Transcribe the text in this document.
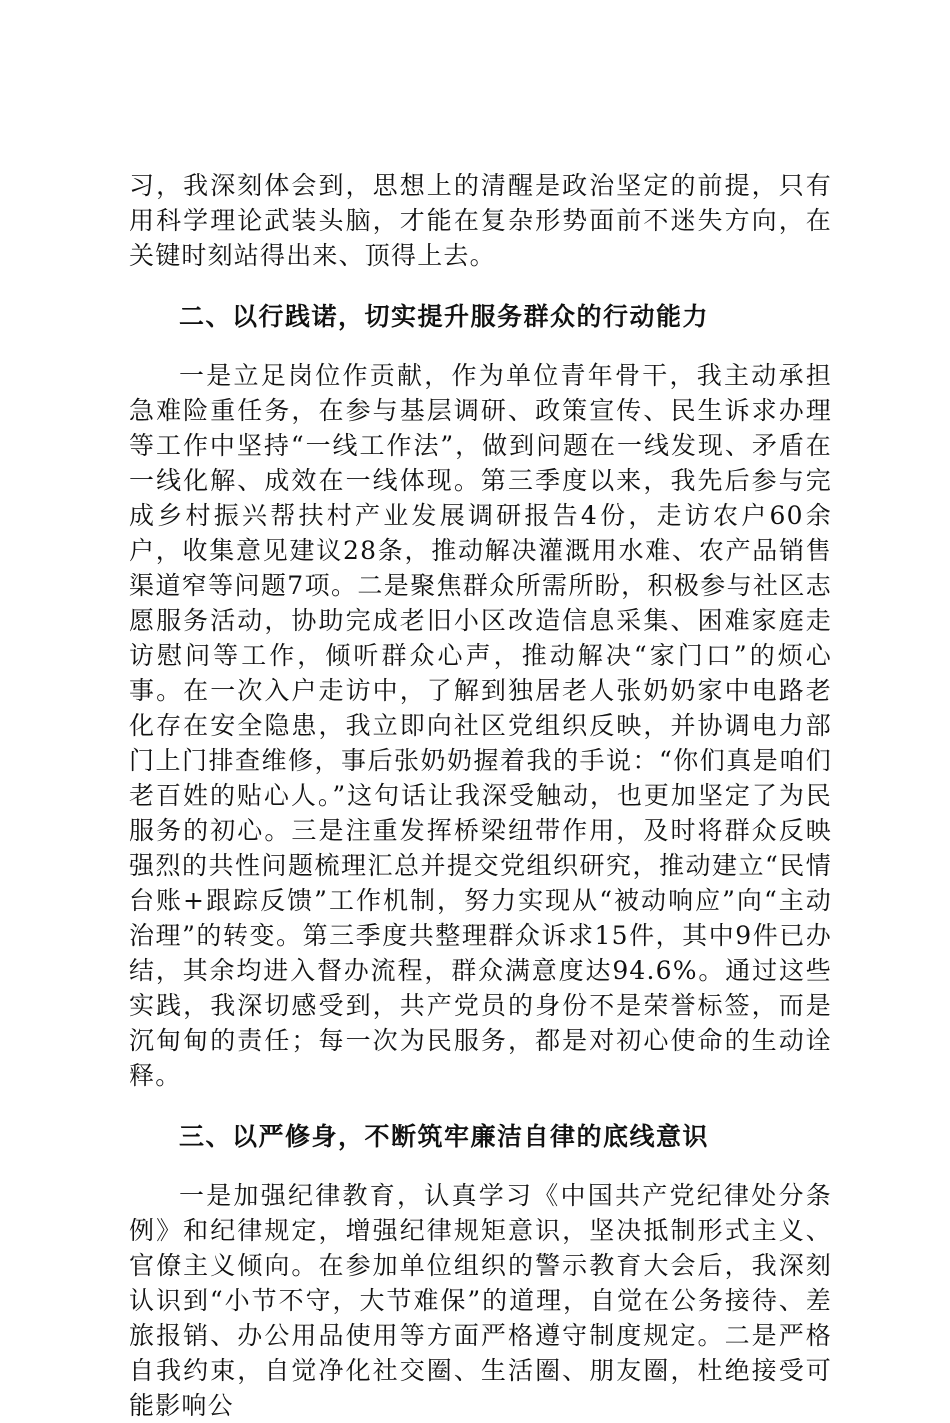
习，我深刻体会到，思想上的清醒是政治坚定的前提，只有用科学理论武装头脑，才能在复杂形势面前不迷失方向，在关键时刻站得出来、顶得上去。

二、以行践诺，切实提升服务群众的行动能力

一是立足岗位作贡献，作为单位青年骨干，我主动承担急难险重任务，在参与基层调研、政策宣传、民生诉求办理等工作中坚持“一线工作法”，做到问题在一线发现、矛盾在一线化解、成效在一线体现。第三季度以来，我先后参与完成乡村振兴帮扶村产业发展调研报告4份，走访农户60余户，收集意见建议28条，推动解决灌溉用水难、农产品销售渠道窄等问题7项。二是聚焦群众所需所盼，积极参与社区志愿服务活动，协助完成老旧小区改造信息采集、困难家庭走访慰问等工作，倾听群众心声，推动解决“家门口”的烦心事。在一次入户走访中，了解到独居老人张奶奶家中电路老化存在安全隐患，我立即向社区党组织反映，并协调电力部门上门排查维修，事后张奶奶握着我的手说：“你们真是咱们老百姓的贴心人。”这句话让我深受触动，也更加坚定了为民服务的初心。三是注重发挥桥梁纽带作用，及时将群众反映强烈的共性问题梳理汇总并提交党组织研究，推动建立“民情台账+跟踪反馈”工作机制，努力实现从“被动响应”向“主动治理”的转变。第三季度共整理群众诉求15件，其中9件已办结，其余均进入督办流程，群众满意度达94.6%。通过这些实践，我深切感受到，共产党员的身份不是荣誉标签，而是沉甸甸的责任；每一次为民服务，都是对初心使命的生动诠释。

三、以严修身，不断筑牢廉洁自律的底线意识

一是加强纪律教育，认真学习《中国共产党纪律处分条例》和纪律规定，增强纪律规矩意识，坚决抵制形式主义、官僚主义倾向。在参加单位组织的警示教育大会后，我深刻认识到“小节不守，大节难保”的道理，自觉在公务接待、差旅报销、办公用品使用等方面严格遵守制度规定。二是严格自我约束，自觉净化社交圈、生活圈、朋友圈，杜绝接受可能影响公
